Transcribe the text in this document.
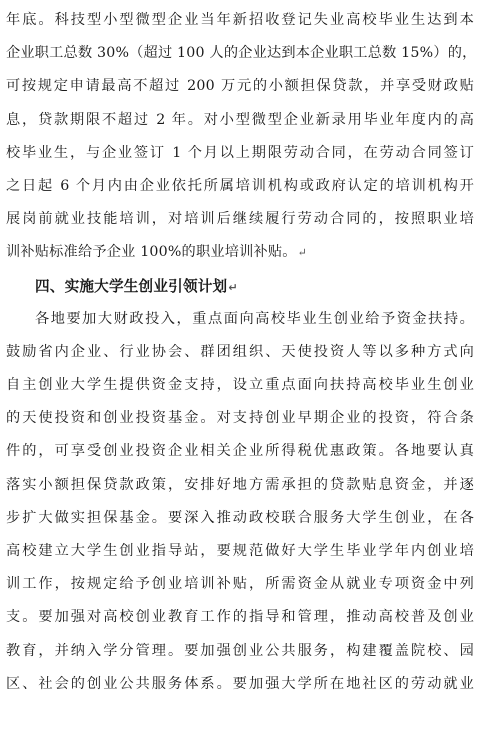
年底。科技型小型微型企业当年新招收登记失业高校毕业生达到本
企业职工总数 30%（超过 100 人的企业达到本企业职工总数 15%）的，
可按规定申请最高不超过 200 万元的小额担保贷款，并享受财政贴
息，贷款期限不超过 2 年。对小型微型企业新录用毕业年度内的高
校毕业生，与企业签订 1 个月以上期限劳动合同，在劳动合同签订
之日起 6 个月内由企业依托所属培训机构或政府认定的培训机构开
展岗前就业技能培训，对培训后继续履行劳动合同的，按照职业培
训补贴标准给予企业 100%的职业培训补贴。↵
四、实施大学生创业引领计划↵
各地要加大财政投入，重点面向高校毕业生创业给予资金扶持。
鼓励省内企业、行业协会、群团组织、天使投资人等以多种方式向
自主创业大学生提供资金支持，设立重点面向扶持高校毕业生创业
的天使投资和创业投资基金。对支持创业早期企业的投资，符合条
件的，可享受创业投资企业相关企业所得税优惠政策。各地要认真
落实小额担保贷款政策，安排好地方需承担的贷款贴息资金，并逐
步扩大做实担保基金。要深入推动政校联合服务大学生创业，在各
高校建立大学生创业指导站，要规范做好大学生毕业学年内创业培
训工作，按规定给予创业培训补贴，所需资金从就业专项资金中列
支。要加强对高校创业教育工作的指导和管理，推动高校普及创业
教育，并纳入学分管理。要加强创业公共服务，构建覆盖院校、园
区、社会的创业公共服务体系。要加强大学所在地社区的劳动就业
